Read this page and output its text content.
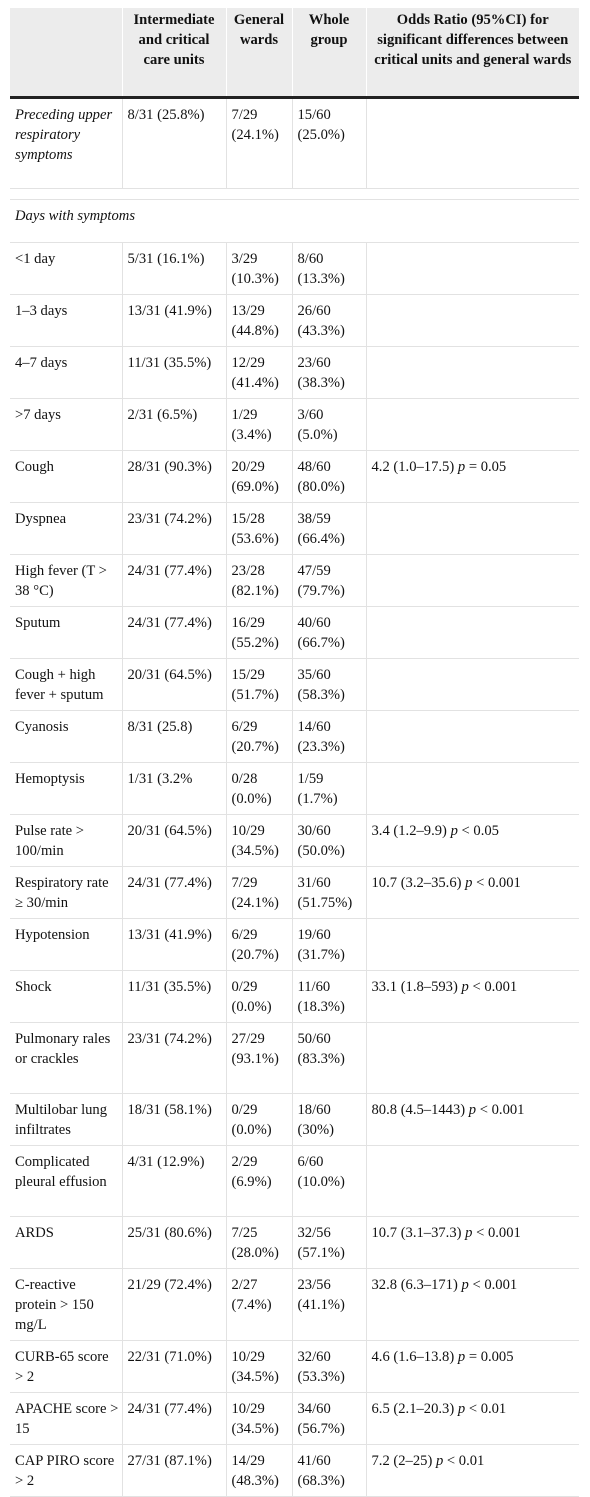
	Intermediate and critical care units	General wards	Whole group	Odds Ratio (95%CI) for significant differences between critical units and general wards
Preceding upper respiratory symptoms	8/31 (25.8%)	7/29 (24.1%)	15/60 (25.0%)	

Days with symptoms				
<1 day	5/31 (16.1%)	3/29 (10.3%)	8/60 (13.3%)	
1–3 days	13/31 (41.9%)	13/29 (44.8%)	26/60 (43.3%)	
4–7 days	11/31 (35.5%)	12/29 (41.4%)	23/60 (38.3%)	
>7 days	2/31 (6.5%)	1/29 (3.4%)	3/60 (5.0%)	
Cough	28/31 (90.3%)	20/29 (69.0%)	48/60 (80.0%)	4.2 (1.0–17.5) p = 0.05
Dyspnea	23/31 (74.2%)	15/28 (53.6%)	38/59 (66.4%)	
High fever (T > 38 °C)	24/31 (77.4%)	23/28 (82.1%)	47/59 (79.7%)	
Sputum	24/31 (77.4%)	16/29 (55.2%)	40/60 (66.7%)	
Cough + high fever + sputum	20/31 (64.5%)	15/29 (51.7%)	35/60 (58.3%)	
Cyanosis	8/31 (25.8)	6/29 (20.7%)	14/60 (23.3%)	
Hemoptysis	1/31 (3.2%	0/28 (0.0%)	1/59 (1.7%)	
Pulse rate > 100/min	20/31 (64.5%)	10/29 (34.5%)	30/60 (50.0%)	3.4 (1.2–9.9) p < 0.05
Respiratory rate ≥ 30/min	24/31 (77.4%)	7/29 (24.1%)	31/60 (51.75%)	10.7 (3.2–35.6) p < 0.001
Hypotension	13/31 (41.9%)	6/29 (20.7%)	19/60 (31.7%)	
Shock	11/31 (35.5%)	0/29 (0.0%)	11/60 (18.3%)	33.1 (1.8–593) p < 0.001
Pulmonary rales or crackles	23/31 (74.2%)	27/29 (93.1%)	50/60 (83.3%)	
Multilobar lung infiltrates	18/31 (58.1%)	0/29 (0.0%)	18/60 (30%)	80.8 (4.5–1443) p < 0.001
Complicated pleural effusion	4/31 (12.9%)	2/29 (6.9%)	6/60 (10.0%)	
ARDS	25/31 (80.6%)	7/25 (28.0%)	32/56 (57.1%)	10.7 (3.1–37.3) p < 0.001
C-reactive protein > 150 mg/L	21/29 (72.4%)	2/27 (7.4%)	23/56 (41.1%)	32.8 (6.3–171) p < 0.001
CURB-65 score > 2	22/31 (71.0%)	10/29 (34.5%)	32/60 (53.3%)	4.6 (1.6–13.8) p = 0.005
APACHE score > 15	24/31 (77.4%)	10/29 (34.5%)	34/60 (56.7%)	6.5 (2.1–20.3) p < 0.01
CAP PIRO score > 2	27/31 (87.1%)	14/29 (48.3%)	41/60 (68.3%)	7.2 (2–25) p < 0.01
